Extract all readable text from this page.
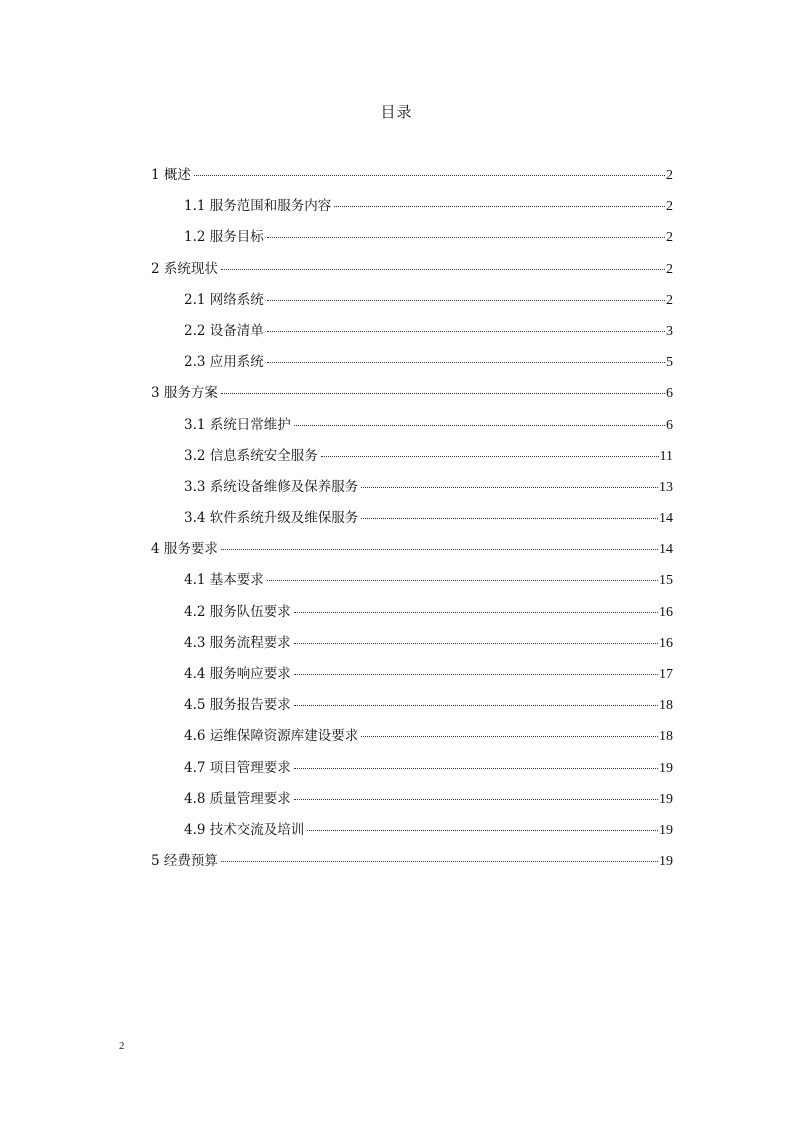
目录
1 概述	2
1.1 服务范围和服务内容	2
1.2 服务目标	2
2 系统现状	2
2.1 网络系统	2
2.2 设备清单	3
2.3 应用系统	5
3 服务方案	6
3.1 系统日常维护	6
3.2 信息系统安全服务	11
3.3 系统设备维修及保养服务	13
3.4 软件系统升级及维保服务	14
4 服务要求	14
4.1 基本要求	15
4.2 服务队伍要求	16
4.3 服务流程要求	16
4.4 服务响应要求	17
4.5 服务报告要求	18
4.6 运维保障资源库建设要求	18
4.7 项目管理要求	19
4.8 质量管理要求	19
4.9 技术交流及培训	19
5 经费预算	19
2
